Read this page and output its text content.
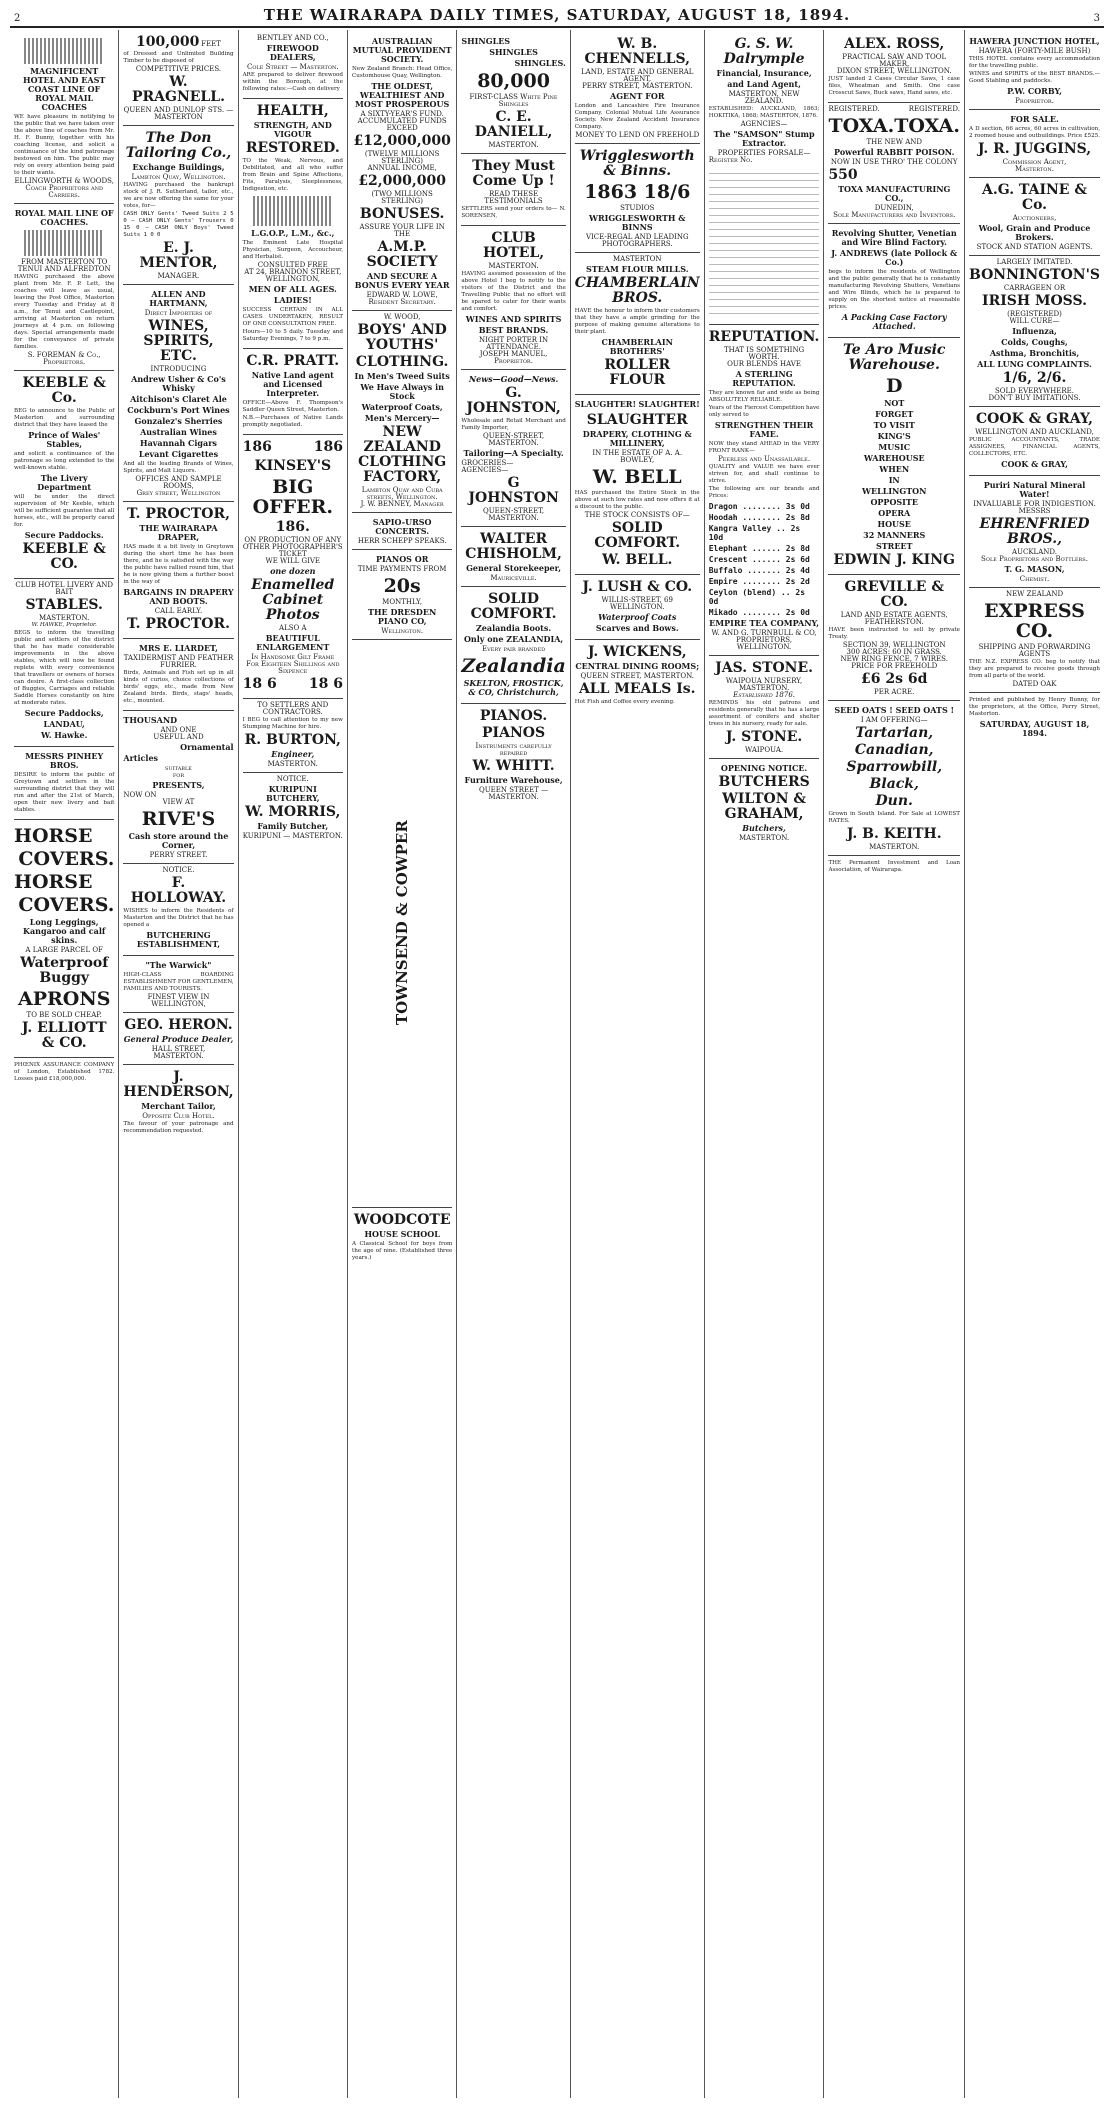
2	THE WAIRARAPA DAILY TIMES, SATURDAY, AUGUST 18, 1894.	3
MAGNIFICENT HOTEL AND EAST COAST LINE OF ROYAL MAIL COACHES

WE have pleasure in notifying to the public that we have taken over the above line of coaches from Mr. H. F. Bunny, together with his coaching license, and solicit a continuance of the kind patronage bestowed on him. The public may rely on every attention being paid to their wants.

ELLINGWORTH & WOODS, Coach Proprietors and Carriers.
ROYAL MAIL LINE OF COACHES.
FROM MASTERTON TO TENUI AND ALFREDTON

HAVING purchased the above plant from Mr. F. P. Lett, the coaches will leave as usual, leaving the Post Office, Masterton every Tuesday and Friday at 8 a.m., for Tenui and Castlepoint, arriving at Masterton on return journeys at 4 p.m. on following days. Special arrangements made for the conveyance of private families.

S. FOREMAN & Co., Proprietors.
KEEBLE & Co.

BEG to announce to the Public of Masterton and surrounding district that they have leased the

Prince of Wales' Stables,

and solicit a continuance of the patronage so long extended to the well-known stable.

The Livery Department

will be under the direct supervision of Mr Keeble, which will be sufficient guarantee that all horses, etc., will be properly cared for.

Secure Paddocks.
KEEBLE & CO.
CLUB HOTEL LIVERY AND BAIT
STABLES.
MASTERTON.
W. HAWKE, Proprietor.

BEGS to inform the travelling public and settlers of the district that he has made considerable improvements in the above stables, which will now be found replete with every convenience that travellers or owners of horses can desire. A first-class collection of Buggies, Carriages and reliable Saddle Horses constantly on hire at moderate rates.

Secure Paddocks,
LANDAU,
W. Hawke.
MESSRS PINHEY BROS.

DESIRE to inform the public of Greytown and settlers in the surrounding district that they will run and after the 21st of March, open their new livery and bait stables.

HORSE
COVERS.
HORSE
COVERS.
Long Leggings, Kangaroo and calf skins.
A LARGE PARCEL OF
Waterproof Buggy
APRONS
TO BE SOLD CHEAP.
J. ELLIOTT & CO.

PHŒNIX ASSURANCE COMPANY of London, Established 1782. Losses paid £18,000,000.

100,000 FEET

of Dressed and Unlimited Building Timber to be disposed of

COMPETITIVE PRICES.
W. PRAGNELL.
QUEEN AND DUNLOP STS. — MASTERTON
The Don Tailoring Co.,
Exchange Buildings,
Lambton Quay, Wellington.

HAVING purchased the bankrupt stock of J. R. Sutherland, tailor, etc., we are now offering the same for your votes, for—

CASH ONLY Gents' Tweed Suits 2 5 0 — CASH ONLY Gents' Trousers 0 15 0 — CASH ONLY Boys' Tweed Suits 1 0 0

E. J. MENTOR,
MANAGER.
ALLEN AND HARTMANN,
Direct Importers of
WINES, SPIRITS, ETC.
INTRODUCING
Andrew Usher & Co's Whisky
Aitchison's Claret Ale
Cockburn's Port Wines
Gonzalez's Sherries
Australian Wines
Havannah Cigars
Levant Cigarettes

And all the leading Brands of Wines, Spirits, and Malt Liquors.

OFFICES AND SAMPLE ROOMS,
Grey street, Wellington
T. PROCTOR,
THE WAIRARAPA DRAPER,

HAS made it a bit lively in Greytown during the short time he has been there, and he is satisfied with the way the public have rallied round him, that he is now giving them a further boost in the way of

BARGAINS IN DRAPERY AND BOOTS.
CALL EARLY.
T. PROCTOR.
MRS E. LIARDET,
TAXIDERMIST AND FEATHER FURRIER.

Birds, Animals and Fish set up in all kinds of curios, choice collections of birds' eggs, etc., made from New Zealand birds. Birds, stags' heads, etc., mounted.

THOUSAND
AND ONE
USEFUL AND
Ornamental
Articles
suitable
for
PRESENTS,
NOW ON
VIEW AT
RIVE'S
Cash store around the Corner,
PERRY STREET.
NOTICE.
F. HOLLOWAY.

WISHES to inform the Residents of Masterton and the District that he has opened a

BUTCHERING ESTABLISHMENT,
"The Warwick"

HIGH-CLASS BOARDING ESTABLISHMENT FOR GENTLEMEN, FAMILIES AND TOURISTS.

FINEST VIEW IN WELLINGTON,
GEO. HERON.
General Produce Dealer,
HALL STREET,
MASTERTON.
J. HENDERSON,
Merchant Tailor,
Opposite Club Hotel.

The favour of your patronage and recommendation requested.

BENTLEY AND CO.,
FIREWOOD DEALERS,
Cole Street — Masterton.

ARE prepared to deliver firewood within the Borough, at the following rates:—Cash on delivery

HEALTH,
STRENGTH, AND VIGOUR
RESTORED.

TO the Weak, Nervous, and Debilitated, and all who suffer from Brain and Spine Affections, Fits, Paralysis, Sleeplessness, Indigestion, etc.

L.G.O.P., L.M., &c.,

The Eminent Late Hospital Physician, Surgeon, Accoucheur, and Herbalist.

CONSULTED FREE
AT 24, BRANDON STREET, WELLINGTON,
MEN OF ALL AGES.
LADIES!

SUCCESS CERTAIN IN ALL CASES UNDERTAKEN, RESULT OF ONE CONSULTATION FREE.

Hours—10 to 5 daily. Tuesday and Saturday Evenings, 7 to 9 p.m.

C.R. PRATT.
Native Land agent and Licensed Interpreter.

OFFICE—Above F. Thompson's Saddler Queen Street, Masterton.

N.B.—Purchases of Native Lands promptly negotiated.

186	186
KINSEY'S
BIG OFFER.
186.
ON PRODUCTION OF ANY OTHER PHOTOGRAPHER'S TICKET
WE WILL GIVE
one dozen
Enamelled Cabinet Photos
ALSO A
BEAUTIFUL ENLARGEMENT
In Handsome Gilt Frame
For Eighteen Shillings and Sixpence
18 6 18 6
TO SETTLERS AND CONTRACTORS.

I BEG to call attention to my new Stumping Machine for hire.

R. BURTON,
Engineer,
MASTERTON.
NOTICE.
KURIPUNI BUTCHERY,
W. MORRIS,
Family Butcher,
KURIPUNI — MASTERTON.
AUSTRALIAN MUTUAL PROVIDENT SOCIETY.

New Zealand Branch: Head Office, Customhouse Quay, Wellington.

THE OLDEST, WEALTHIEST AND MOST PROSPEROUS
A SIXTY-YEAR'S FUND.
ACCUMULATED FUNDS EXCEED
£12,000,000
(TWELVE MILLIONS STERLING)
ANNUAL INCOME,
£2,000,000
(TWO MILLIONS STERLING)
BONUSES.
ASSURE YOUR LIFE IN THE
A.M.P. SOCIETY
AND SECURE A BONUS EVERY YEAR
EDWARD W. LOWE,
Resident Secretary.
W. WOOD,
BOYS' AND YOUTHS'
CLOTHING.
In Men's Tweed Suits
We Have Always in Stock
Waterproof Coats,
Men's Mercery—
NEW ZEALAND CLOTHING FACTORY,
Lambton Quay and Cuba streets, Wellington.
J. W. BENNEY, Manager
SAPIO-URSO CONCERTS.
HERR SCHEPP SPEAKS.
PIANOS OR
TIME PAYMENTS FROM
20s
MONTHLY,
THE DRESDEN PIANO CO,
Wellington.
TOWNSEND & COWPER
WOODCOTE
HOUSE SCHOOL

A Classical School for boys from the age of nine. (Established three years.)

SHINGLES
SHINGLES
SHINGLES.
80,000
FIRST-CLASS White Pine Shingles
C. E. DANIELL,
MASTERTON.
They Must Come Up !
READ THESE TESTIMONIALS

SETTLERS send your orders to— N. SORENSEN,

CLUB HOTEL,
MASTERTON.

HAVING assumed possession of the above Hotel I beg to notify to the visitors of the District and the Travelling Public that no effort will be spared to cater for their wants and comfort.

WINES AND SPIRITS
BEST BRANDS.
NIGHT PORTER IN ATTENDANCE.
JOSEPH MANUEL, Proprietor.
News—Good—News.
G. JOHNSTON,

Wholesale and Retail Merchant and Family Importer,

QUEEN-STREET, MASTERTON.
Tailoring—A Specialty.
GROCERIES—
AGENCIES—
G JOHNSTON
QUEEN-STREET, MASTERTON.
WALTER CHISHOLM,
General Storekeeper,
Mauriceville.
SOLID COMFORT.
Zealandia Boots.
Only one ZEALANDIA,
Every pair branded
Zealandia
SKELTON, FROSTICK, & CO, Christchurch,
PIANOS.
PIANOS
Instruments carefully repaired
W. WHITT.
Furniture Warehouse,
QUEEN STREET — MASTERTON.
W. B. CHENNELLS,
LAND, ESTATE AND GENERAL AGENT,
PERRY STREET, MASTERTON.
AGENT FOR

London and Lancashire Fire Insurance Company. Colonial Mutual Life Assurance Society. New Zealand Accident Insurance Company.

MONEY TO LEND ON FREEHOLD
Wrigglesworth & Binns.
1863 18/6
STUDIOS
WRIGGLESWORTH & BINNS
VICE-REGAL AND LEADING PHOTOGRAPHERS.
MASTERTON
STEAM FLOUR MILLS.
CHAMBERLAIN BROS.

HAVE the honour to inform their customers that they have a ample grinding for the purpose of making genuine alterations to their plant.

CHAMBERLAIN BROTHERS'
ROLLER FLOUR
SLAUGHTER! SLAUGHTER!
SLAUGHTER
DRAPERY, CLOTHING & MILLINERY,
IN THE ESTATE OF A. A. BOWLEY,
W. BELL

HAS purchased the Entire Stock in the above at such low rates and now offers it at a discount to the public.

THE STOCK CONSISTS OF—
SOLID COMFORT.
W. BELL.
J. LUSH & CO.
WILLIS-STREET, 69 WELLINGTON.
Waterproof Coats
Scarves and Bows.
J. WICKENS,
CENTRAL DINING ROOMS;
QUEEN STREET, MASTERTON.
ALL MEALS Is.

Hot Fish and Coffee every evening.

G. S. W. Dalrymple
Financial, Insurance,
and Land Agent,
MASTERTON, NEW ZEALAND.

ESTABLISHED: AUCKLAND, 1863; HOKITIKA, 1868; MASTERTON, 1876.

AGENCIES—
The "SAMSON" Stump Extractor.
PROPERTIES FORSALE—
Register No.
REPUTATION.
THAT IS SOMETHING WORTH.
OUR BLENDS HAVE
A STERLING REPUTATION.

They are known far and wide as being ABSOLUTELY RELIABLE.

Years of the Fiercest Competition have only served to

STRENGTHEN THEIR FAME.

NOW they stand AHEAD in the VERY FRONT RANK—

Peerless and Unassailable.

QUALITY and VALUE we have ever striven for, and shall continue to strive.

The following are our brands and Prices:

Dragon ........ 3s 0d
Hoodah ........ 2s 8d
Kangra Valley .. 2s 10d
Elephant ...... 2s 8d
Crescent ...... 2s 6d
Buffalo ....... 2s 4d
Empire ........ 2s 2d
Ceylon (blend) .. 2s 0d
Mikado ........ 2s 0d
EMPIRE TEA COMPANY,
W. AND G. TURNBULL & CO,
PROPRIETORS,
WELLINGTON.
JAS. STONE.
WAIPOUA NURSERY, MASTERTON.
Established 1876.

REMINDS his old patrons and residents generally that he has a large assortment of conifers and shelter trees in his nursery, ready for sale.

J. STONE.
WAIPOUA.
OPENING NOTICE.
BUTCHERS
WILTON & GRAHAM,
Butchers,
MASTERTON.
ALEX. ROSS,
PRACTICAL SAW AND TOOL MAKER,
DIXON STREET, WELLINGTON.

JUST landed 2 Cases Circular Saws, 1 case files, Wheatman and Smith. One case Crosscut Saws, Buck saws, Hand saws, etc.

REGISTERED.	REGISTERED.
TOXA. TOXA.
THE NEW AND
Powerful RABBIT POISON.
NOW IN USE THRO' THE COLONY
550
TOXA MANUFACTURING CO.,
DUNEDIN,
Sole Manufacturers and Inventors.
Revolving Shutter, Venetian and Wire Blind Factory.
J. ANDREWS (late Pollock & Co.)

begs to inform the residents of Wellington and the public generally that he is constantly manufacturing Revolving Shutters, Venetians and Wire Blinds, which he is prepared to supply on the shortest notice at reasonable prices.

A Packing Case Factory Attached.
Te Aro Music Warehouse.
D
NOT
FORGET
TO VISIT
KING'S
MUSIC
WAREHOUSE
WHEN
IN
WELLINGTON
OPPOSITE
OPERA
HOUSE
32 MANNERS
STREET
EDWIN J. KING
GREVILLE & CO.
LAND AND ESTATE AGENTS,
FEATHERSTON.

HAVE been instructed to sell by private Treaty.

SECTION 39, WELLINGTON
300 ACRES: 60 IN GRASS.
NEW RING FENCE, 7 WIRES.
PRICE FOR FREEHOLD
£6 2s 6d
PER ACRE.
SEED OATS ! SEED OATS !
I AM OFFERING—
Tartarian,
Canadian,
Sparrowbill,
Black,
Dun.

Grown in South Island. For Sale at LOWEST RATES.

J. B. KEITH.
MASTERTON.

THE Permanent Investment and Loan Association, of Wairarapa.

HAWERA JUNCTION HOTEL,
HAWERA (FORTY-MILE BUSH)

THIS HOTEL contains every accommodation for the travelling public.

WINES and SPIRITS of the BEST BRANDS.—Good Stabling and paddocks.

P.W. CORBY,
Proprietor.
FOR SALE.

A D section, 66 acres, 60 acres in cultivation, 2 roomed house and outbuildings. Price £525.

J. R. JUGGINS,
Commission Agent,
Masterton.
A.G. TAINE & Co.
Auctioneers,
Wool, Grain and Produce Brokers.
STOCK AND STATION AGENTS.
LARGELY IMITATED.
BONNINGTON'S
CARRAGEEN OR
IRISH MOSS.
(REGISTERED)
WILL CURE—
Influenza,
Colds, Coughs,
Asthma, Bronchitis,
ALL LUNG COMPLAINTS.
1/6, 2/6.
SOLD EVERYWHERE.
DON'T BUY IMITATIONS.
COOK & GRAY,
WELLINGTON AND AUCKLAND,

PUBLIC ACCOUNTANTS, TRADE ASSIGNEES, FINANCIAL AGENTS, COLLECTORS, ETC.

COOK & GRAY,
Puriri Natural Mineral Water!
INVALUABLE FOR INDIGESTION.
MESSRS
EHRENFRIED BROS.,
AUCKLAND.
Sole Proprietors and Bottlers.
T. G. MASON,
Chemist.
NEW ZEALAND
EXPRESS CO.
SHIPPING AND FORWARDING AGENTS

THE N.Z. EXPRESS CO. beg to notify that they are prepared to receive goods through from all parts of the world.

DATED OAK

Printed and published by Henry Bunny, for the proprietors, at the Office, Perry Street, Masterton.

SATURDAY, AUGUST 18, 1894.
